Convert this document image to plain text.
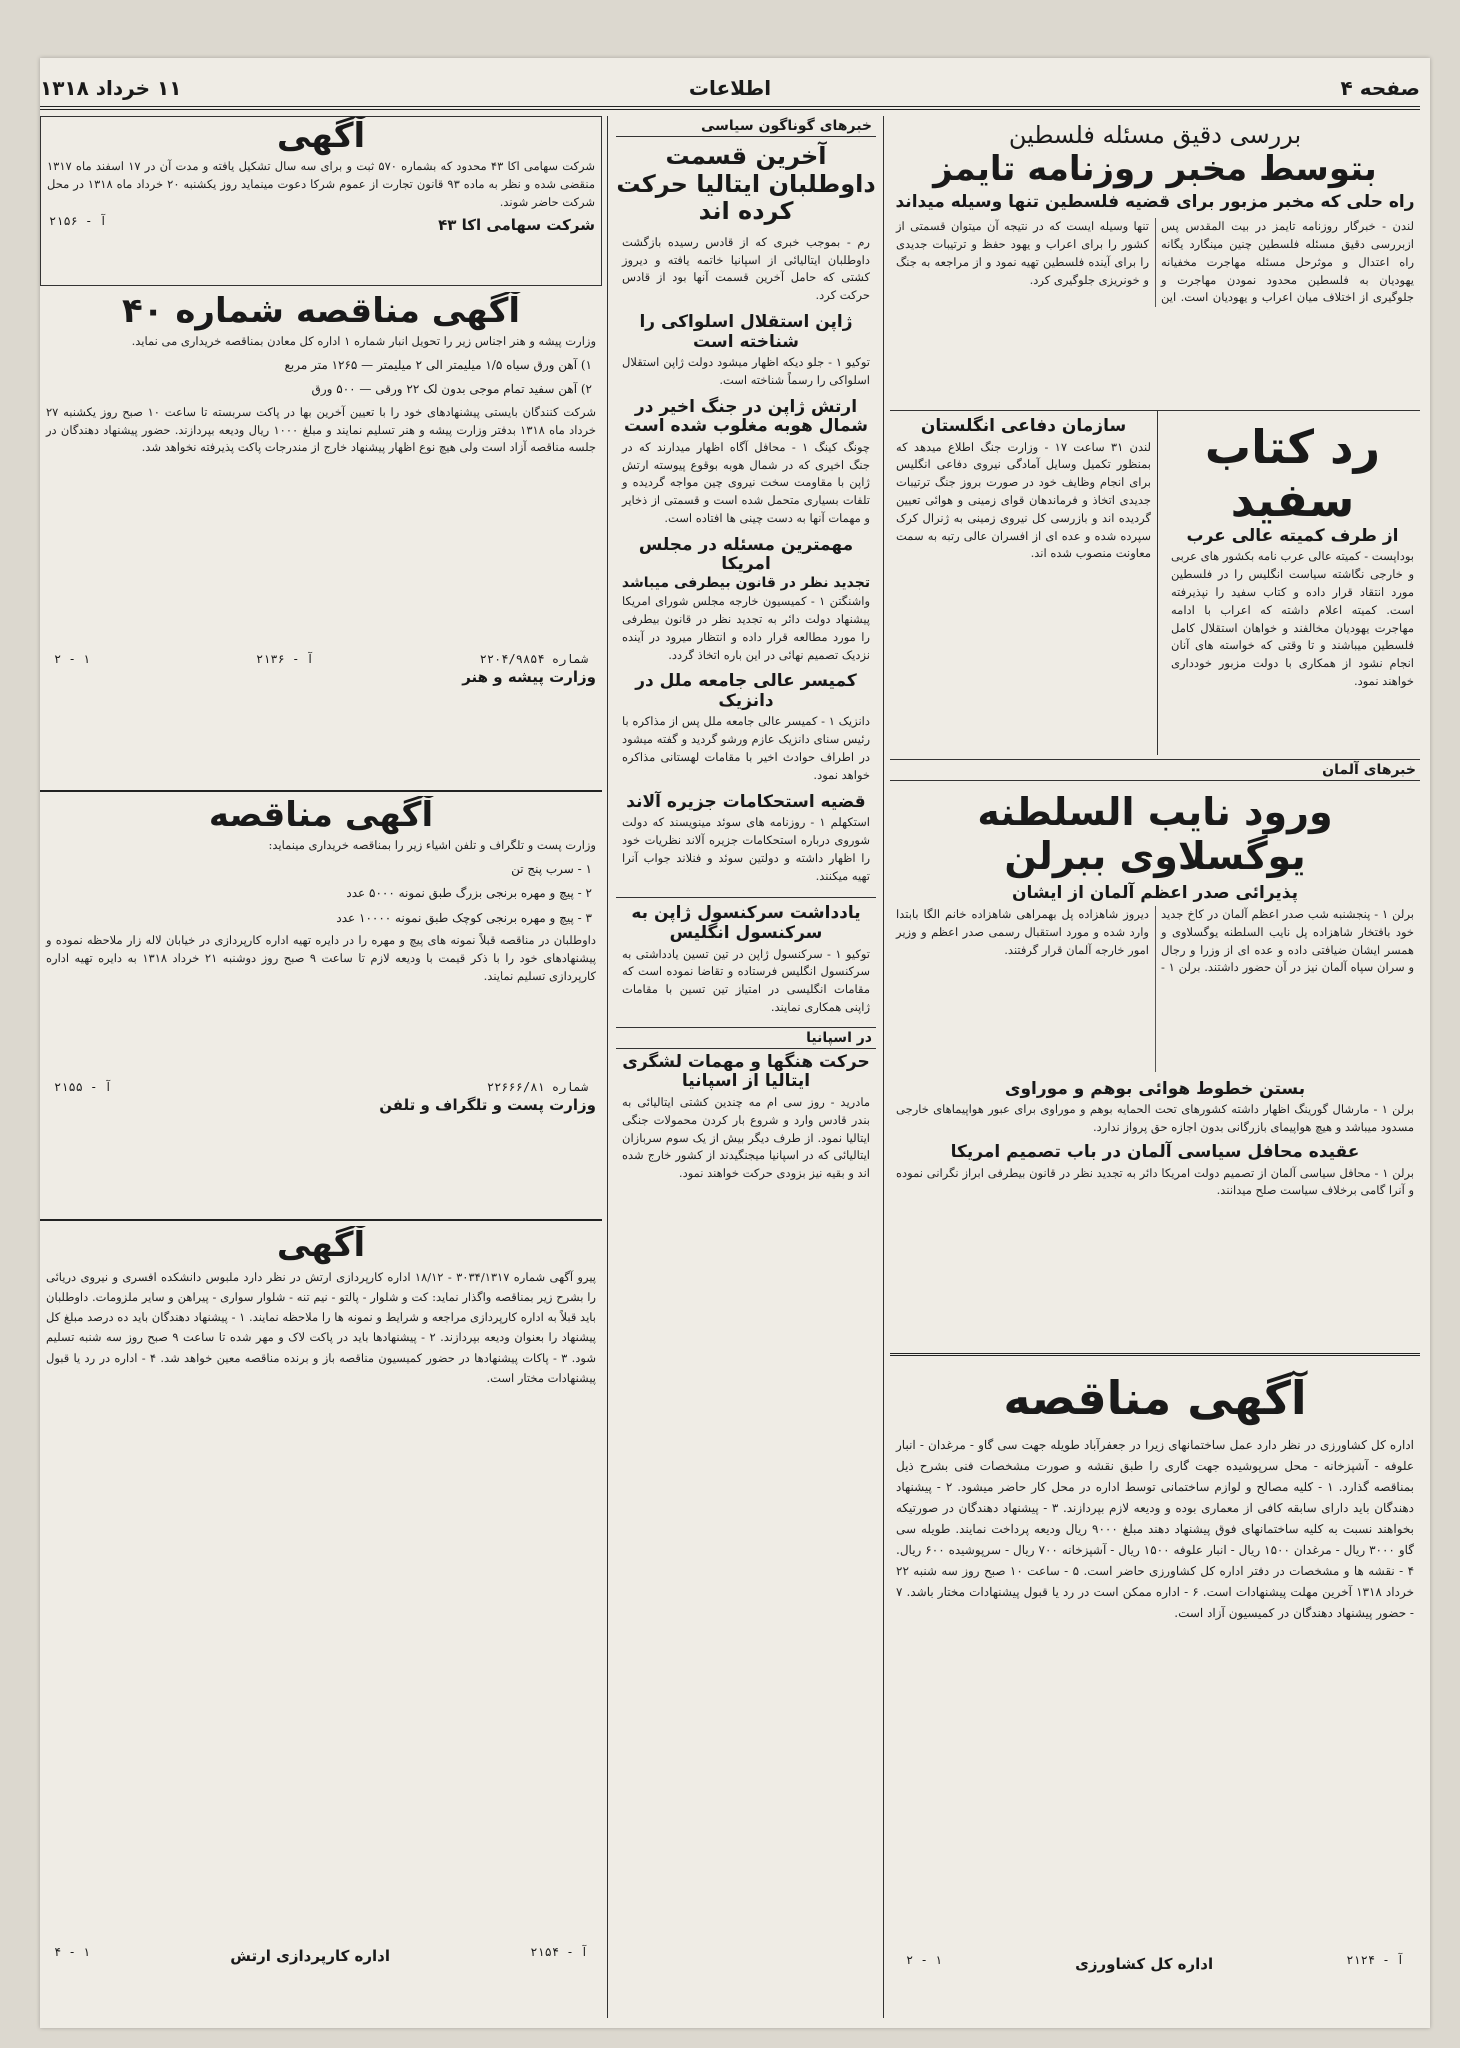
صفحه ۴
اطلاعات
۱۱ خرداد ۱۳۱۸
بررسی دقیق مسئله فلسطین
بتوسط مخبر روزنامه تایمز
راه حلی که مخبر مزبور برای قضیه فلسطین تنها وسیله میداند
لندن - خبرگار روزنامه تایمز در بیت المقدس پس ازبررسی دقیق مسئله فلسطین چنین مینگارد یگانه راه اعتدال و موثرحل مسئله مهاجرت مخفیانه یهودیان به فلسطین محدود نمودن مهاجرت و جلوگیری از اختلاف میان اعراب و یهودیان است. این تنها وسیله ایست که در نتیجه آن میتوان قسمتی از کشور را برای اعراب و یهود حفظ و ترتیبات جدیدی را برای آینده فلسطین تهیه نمود و از مراجعه به جنگ و خونریزی جلوگیری کرد.
رد کتاب سفید
از طرف کمیته عالی عرب
بوداپست - کمیته عالی عرب نامه بکشور های عربی و خارجی نگاشته سیاست انگلیس را در فلسطین مورد انتقاد قرار داده و کتاب سفید را نپذیرفته است. کمیته اعلام داشته که اعراب با ادامه مهاجرت یهودیان مخالفند و خواهان استقلال کامل فلسطین میباشند و تا وقتی که خواسته های آنان انجام نشود از همکاری با دولت مزبور خودداری خواهند نمود.
سازمان دفاعی انگلستان
لندن ۳۱ ساعت ۱۷ - وزارت جنگ اطلاع میدهد که بمنظور تکمیل وسایل آمادگی نیروی دفاعی انگلیس برای انجام وظایف خود در صورت بروز جنگ ترتیبات جدیدی اتخاذ و فرماندهان قوای زمینی و هوائی تعیین گردیده اند و بازرسی کل نیروی زمینی به ژنرال کرک سپرده شده و عده ای از افسران عالی رتبه به سمت معاونت منصوب شده اند.
خبرهای آلمان
ورود نایب السلطنه یوگسلاوی ببرلن
پذیرائی صدر اعظم آلمان از ایشان
برلن ۱ - پنجشنبه شب صدر اعظم آلمان در کاخ جدید خود بافتخار شاهزاده پل نایب السلطنه یوگسلاوی و همسر ایشان ضیافتی داده و عده ای از وزرا و رجال و سران سپاه آلمان نیز در آن حضور داشتند. برلن ۱ - دیروز شاهزاده پل بهمراهی شاهزاده خانم الگا بابتدا وارد شده و مورد استقبال رسمی صدر اعظم و وزیر امور خارجه آلمان قرار گرفتند.
بستن خطوط هوائی بوهم و موراوی
برلن ۱ - مارشال گورینگ اظهار داشته کشورهای تحت الحمایه بوهم و موراوی برای عبور هواپیماهای خارجی مسدود میباشد و هیچ هواپیمای بازرگانی بدون اجازه حق پرواز ندارد.
عقیده محافل سیاسی آلمان در باب تصمیم امریکا
برلن ۱ - محافل سیاسی آلمان از تصمیم دولت امریکا دائر به تجدید نظر در قانون بیطرفی ابراز نگرانی نموده و آنرا گامی برخلاف سیاست صلح میدانند.
آگهی مناقصه
اداره کل کشاورزی در نظر دارد عمل ساختمانهای زیرا در جعفرآباد طویله جهت سی گاو - مرغدان - انبار علوفه - آشپزخانه - محل سرپوشیده جهت گاری را طبق نقشه و صورت مشخصات فنی بشرح ذیل بمناقصه گذارد. ۱ - کلیه مصالح و لوازم ساختمانی توسط اداره در محل کار حاضر میشود. ۲ - پیشنهاد دهندگان باید دارای سابقه کافی از معماری بوده و ودیعه لازم بپردازند. ۳ - پیشنهاد دهندگان در صورتیکه بخواهند نسبت به کلیه ساختمانهای فوق پیشنهاد دهند مبلغ ۹۰۰۰ ریال ودیعه پرداخت نمایند. طویله سی گاو ۳۰۰۰ ریال - مرغدان ۱۵۰۰ ریال - انبار علوفه ۱۵۰۰ ریال - آشپزخانه ۷۰۰ ریال - سرپوشیده ۶۰۰ ریال. ۴ - نقشه ها و مشخصات در دفتر اداره کل کشاورزی حاضر است. ۵ - ساعت ۱۰ صبح روز سه شنبه ۲۲ خرداد ۱۳۱۸ آخرین مهلت پیشنهادات است. ۶ - اداره ممکن است در رد یا قبول پیشنهادات مختار باشد. ۷ - حضور پیشنهاد دهندگان در کمیسیون آزاد است.
آ - ۲۱۲۴
اداره کل کشاورزی
۲ - ۱
خبرهای گوناگون سیاسی
آخرین قسمت داوطلبان ایتالیا حرکت کرده اند
رم - بموجب خبری که از قادس رسیده بازگشت داوطلبان ایتالیائی از اسپانیا خاتمه یافته و دیروز کشتی که حامل آخرین قسمت آنها بود از قادس حرکت کرد.
ژاپن استقلال اسلواکی را شناخته است
توکیو ۱ - جلو دیکه اظهار میشود دولت ژاپن استقلال اسلواکی را رسماً شناخته است.
ارتش ژاپن در جنگ اخیر در شمال هوبه مغلوب شده است
چونگ کینگ ۱ - محافل آگاه اظهار میدارند که در جنگ اخیری که در شمال هوبه بوقوع پیوسته ارتش ژاپن با مقاومت سخت نیروی چین مواجه گردیده و تلفات بسیاری متحمل شده است و قسمتی از ذخایر و مهمات آنها به دست چینی ها افتاده است.
مهمترین مسئله در مجلس امریکا
تجدید نظر در قانون بیطرفی میباشد
واشنگتن ۱ - کمیسیون خارجه مجلس شورای امریکا پیشنهاد دولت دائر به تجدید نظر در قانون بیطرفی را مورد مطالعه قرار داده و انتظار میرود در آینده نزدیک تصمیم نهائی در این باره اتخاذ گردد.
کمیسر عالی جامعه ملل در دانزیک
دانزیک ۱ - کمیسر عالی جامعه ملل پس از مذاکره با رئیس سنای دانزیک عازم ورشو گردید و گفته میشود در اطراف حوادث اخیر با مقامات لهستانی مذاکره خواهد نمود.
قضیه استحکامات جزیره آلاند
استکهلم ۱ - روزنامه های سوئد مینویسند که دولت شوروی درباره استحکامات جزیره آلاند نظریات خود را اظهار داشته و دولتین سوئد و فنلاند جواب آنرا تهیه میکنند.
یادداشت سرکنسول ژاپن به سرکنسول انگلیس
توکیو ۱ - سرکنسول ژاپن در تین تسین یادداشتی به سرکنسول انگلیس فرستاده و تقاضا نموده است که مقامات انگلیسی در امتیاز تین تسین با مقامات ژاپنی همکاری نمایند.
در اسپانیا
حرکت هنگها و مهمات لشگری ایتالیا از اسپانیا
مادرید - روز سی ام مه چندین کشتی ایتالیائی به بندر قادس وارد و شروع بار کردن محمولات جنگی ایتالیا نمود. از طرف دیگر بیش از یک سوم سربازان ایتالیائی که در اسپانیا میجنگیدند از کشور خارج شده اند و بقیه نیز بزودی حرکت خواهند نمود.
آگهی
شرکت سهامی اکا ۴۳ محدود که بشماره ۵۷۰ ثبت و برای سه سال تشکیل یافته و مدت آن در ۱۷ اسفند ماه ۱۳۱۷ منقضی شده و نظر به ماده ۹۳ قانون تجارت از عموم شرکا دعوت مینماید روز یکشنبه ۲۰ خرداد ماه ۱۳۱۸ در محل شرکت حاضر شوند.
شرکت سهامی اکا ۴۳
آ - ۲۱۵۶
آگهی مناقصه شماره ۴۰
وزارت پیشه و هنر اجناس زیر را تحویل انبار شماره ۱ اداره کل معادن بمناقصه خریداری می نماید.
۱) آهن ورق سیاه ۱/۵ میلیمتر الی ۲ میلیمتر — ۱۲۶۵ متر مربع
۲) آهن سفید تمام موجی بدون لک ۲۲ ورقی — ۵۰۰ ورق
شرکت کنندگان بایستی پیشنهادهای خود را با تعیین آخرین بها در پاکت سربسته تا ساعت ۱۰ صبح روز یکشنبه ۲۷ خرداد ماه ۱۳۱۸ بدفتر وزارت پیشه و هنر تسلیم نمایند و مبلغ ۱۰۰۰ ریال ودیعه بپردازند. حضور پیشنهاد دهندگان در جلسه مناقصه آزاد است ولی هیچ نوع اظهار پیشنهاد خارج از مندرجات پاکت پذیرفته نخواهد شد.
شماره ۲۲۰۴/۹۸۵۴
آ - ۲۱۳۶
۲ - ۱
وزارت پیشه و هنر
آگهی مناقصه
وزارت پست و تلگراف و تلفن اشیاء زیر را بمناقصه خریداری مینماید:
۱ - سرب پنج تن
۲ - پیچ و مهره برنجی بزرگ طبق نمونه ۵۰۰۰ عدد
۳ - پیچ و مهره برنجی کوچک طبق نمونه ۱۰۰۰۰ عدد
داوطلبان در مناقصه قبلاً نمونه های پیچ و مهره را در دایره تهیه اداره کارپردازی در خیابان لاله زار ملاحظه نموده و پیشنهادهای خود را با ذکر قیمت با ودیعه لازم تا ساعت ۹ صبح روز دوشنبه ۲۱ خرداد ۱۳۱۸ به دایره تهیه اداره کارپردازی تسلیم نمایند.
شماره ۲۲۶۶۶/۸۱
آ - ۲۱۵۵
وزارت پست و تلگراف و تلفن
آگهی
پیرو آگهی شماره ۳۰۳۴/۱۳۱۷ - ۱۸/۱۲ اداره کارپردازی ارتش در نظر دارد ملبوس دانشکده افسری و نیروی دریائی را بشرح زیر بمناقصه واگذار نماید: کت و شلوار - پالتو - نیم تنه - شلوار سواری - پیراهن و سایر ملزومات. داوطلبان باید قبلاً به اداره کارپردازی مراجعه و شرایط و نمونه ها را ملاحظه نمایند. ۱ - پیشنهاد دهندگان باید ده درصد مبلغ کل پیشنهاد را بعنوان ودیعه بپردازند. ۲ - پیشنهادها باید در پاکت لاک و مهر شده تا ساعت ۹ صبح روز سه شنبه تسلیم شود. ۳ - پاکات پیشنهادها در حضور کمیسیون مناقصه باز و برنده مناقصه معین خواهد شد. ۴ - اداره در رد یا قبول پیشنهادات مختار است.
آ - ۲۱۵۴
اداره کارپردازی ارتش
۴ - ۱
